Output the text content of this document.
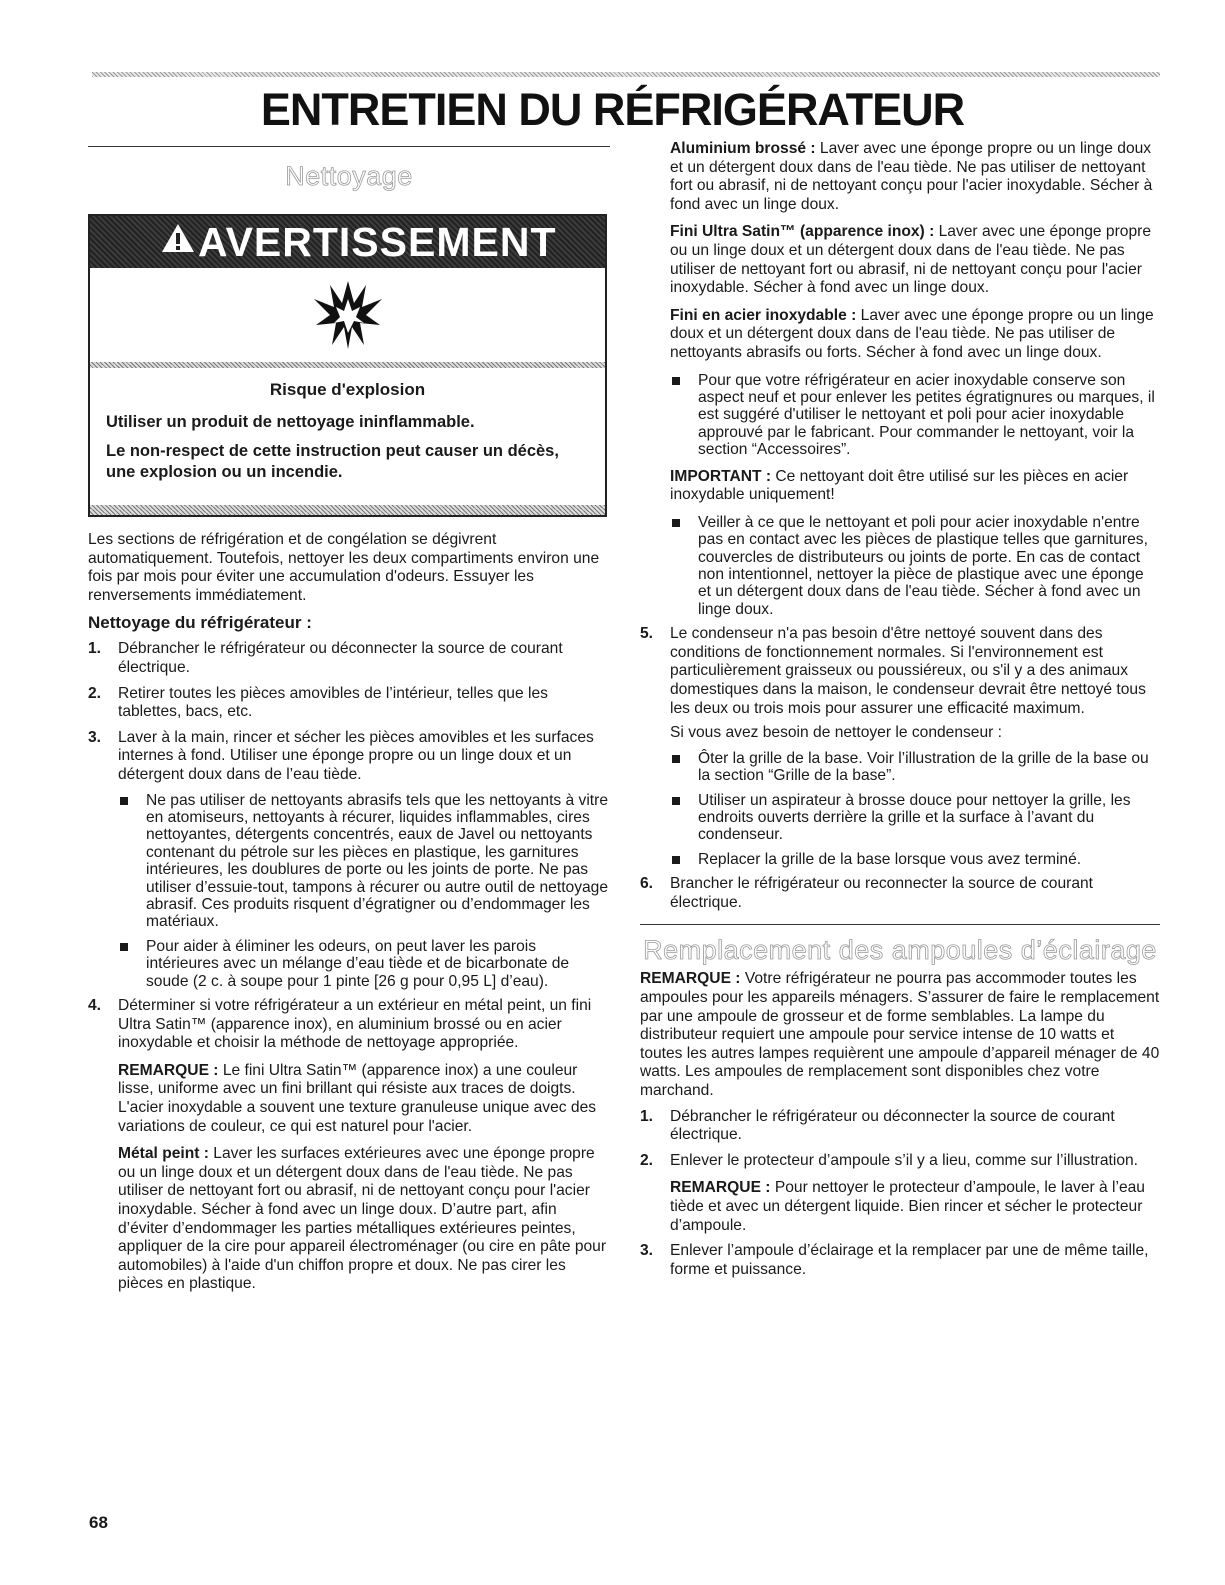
ENTRETIEN DU RÉFRIGÉRATEUR
Nettoyage
AVERTISSEMENT
Risque d'explosion

Utiliser un produit de nettoyage ininflammable.

Le non-respect de cette instruction peut causer un décès, une explosion ou un incendie.

Les sections de réfrigération et de congélation se dégivrent automatiquement. Toutefois, nettoyer les deux compartiments environ une fois par mois pour éviter une accumulation d'odeurs. Essuyer les renversements immédiatement.

Nettoyage du réfrigérateur :
1. Débrancher le réfrigérateur ou déconnecter la source de courant électrique.
2. Retirer toutes les pièces amovibles de l’intérieur, telles que les tablettes, bacs, etc.
3. Laver à la main, rincer et sécher les pièces amovibles et les surfaces internes à fond. Utiliser une éponge propre ou un linge doux et un détergent doux dans de l’eau tiède.
Ne pas utiliser de nettoyants abrasifs tels que les nettoyants à vitre en atomiseurs, nettoyants à récurer, liquides inflammables, cires nettoyantes, détergents concentrés, eaux de Javel ou nettoyants contenant du pétrole sur les pièces en plastique, les garnitures intérieures, les doublures de porte ou les joints de porte. Ne pas utiliser d’essuie-tout, tampons à récurer ou autre outil de nettoyage abrasif. Ces produits risquent d’égratigner ou d’endommager les matériaux.
Pour aider à éliminer les odeurs, on peut laver les parois intérieures avec un mélange d’eau tiède et de bicarbonate de soude (2 c. à soupe pour 1 pinte [26 g pour 0,95 L] d’eau).
4. Déterminer si votre réfrigérateur a un extérieur en métal peint, un fini Ultra Satin™ (apparence inox), en aluminium brossé ou en acier inoxydable et choisir la méthode de nettoyage appropriée.

REMARQUE : Le fini Ultra Satin™ (apparence inox) a une couleur lisse, uniforme avec un fini brillant qui résiste aux traces de doigts. L'acier inoxydable a souvent une texture granuleuse unique avec des variations de couleur, ce qui est naturel pour l'acier.

Métal peint : Laver les surfaces extérieures avec une éponge propre ou un linge doux et un détergent doux dans de l'eau tiède. Ne pas utiliser de nettoyant fort ou abrasif, ni de nettoyant conçu pour l'acier inoxydable. Sécher à fond avec un linge doux. D’autre part, afin d’éviter d’endommager les parties métalliques extérieures peintes, appliquer de la cire pour appareil électroménager (ou cire en pâte pour automobiles) à l'aide d'un chiffon propre et doux. Ne pas cirer les pièces en plastique.

Aluminium brossé : Laver avec une éponge propre ou un linge doux et un détergent doux dans de l'eau tiède. Ne pas utiliser de nettoyant fort ou abrasif, ni de nettoyant conçu pour l'acier inoxydable. Sécher à fond avec un linge doux.

Fini Ultra Satin™ (apparence inox) : Laver avec une éponge propre ou un linge doux et un détergent doux dans de l'eau tiède. Ne pas utiliser de nettoyant fort ou abrasif, ni de nettoyant conçu pour l'acier inoxydable. Sécher à fond avec un linge doux.

Fini en acier inoxydable : Laver avec une éponge propre ou un linge doux et un détergent doux dans de l'eau tiède. Ne pas utiliser de nettoyants abrasifs ou forts. Sécher à fond avec un linge doux.

Pour que votre réfrigérateur en acier inoxydable conserve son aspect neuf et pour enlever les petites égratignures ou marques, il est suggéré d'utiliser le nettoyant et poli pour acier inoxydable approuvé par le fabricant. Pour commander le nettoyant, voir la section “Accessoires”.

IMPORTANT : Ce nettoyant doit être utilisé sur les pièces en acier inoxydable uniquement!

Veiller à ce que le nettoyant et poli pour acier inoxydable n'entre pas en contact avec les pièces de plastique telles que garnitures, couvercles de distributeurs ou joints de porte. En cas de contact non intentionnel, nettoyer la pièce de plastique avec une éponge et un détergent doux dans de l'eau tiède. Sécher à fond avec un linge doux.
5. Le condenseur n'a pas besoin d'être nettoyé souvent dans des conditions de fonctionnement normales. Si l'environnement est particulièrement graisseux ou poussiéreux, ou s'il y a des animaux domestiques dans la maison, le condenseur devrait être nettoyé tous les deux ou trois mois pour assurer une efficacité maximum.

Si vous avez besoin de nettoyer le condenseur :

Ôter la grille de la base. Voir l’illustration de la grille de la base ou la section “Grille de la base”.
Utiliser un aspirateur à brosse douce pour nettoyer la grille, les endroits ouverts derrière la grille et la surface à l’avant du condenseur.
Replacer la grille de la base lorsque vous avez terminé.
6. Brancher le réfrigérateur ou reconnecter la source de courant électrique.
Remplacement des ampoules d’éclairage

REMARQUE : Votre réfrigérateur ne pourra pas accommoder toutes les ampoules pour les appareils ménagers. S’assurer de faire le remplacement par une ampoule de grosseur et de forme semblables. La lampe du distributeur requiert une ampoule pour service intense de 10 watts et toutes les autres lampes requièrent une ampoule d’appareil ménager de 40 watts. Les ampoules de remplacement sont disponibles chez votre marchand.

1. Débrancher le réfrigérateur ou déconnecter la source de courant électrique.
2. Enlever le protecteur d’ampoule s’il y a lieu, comme sur l’illustration.

REMARQUE : Pour nettoyer le protecteur d’ampoule, le laver à l’eau tiède et avec un détergent liquide. Bien rincer et sécher le protecteur d’ampoule.

3. Enlever l’ampoule d’éclairage et la remplacer par une de même taille, forme et puissance.
68
